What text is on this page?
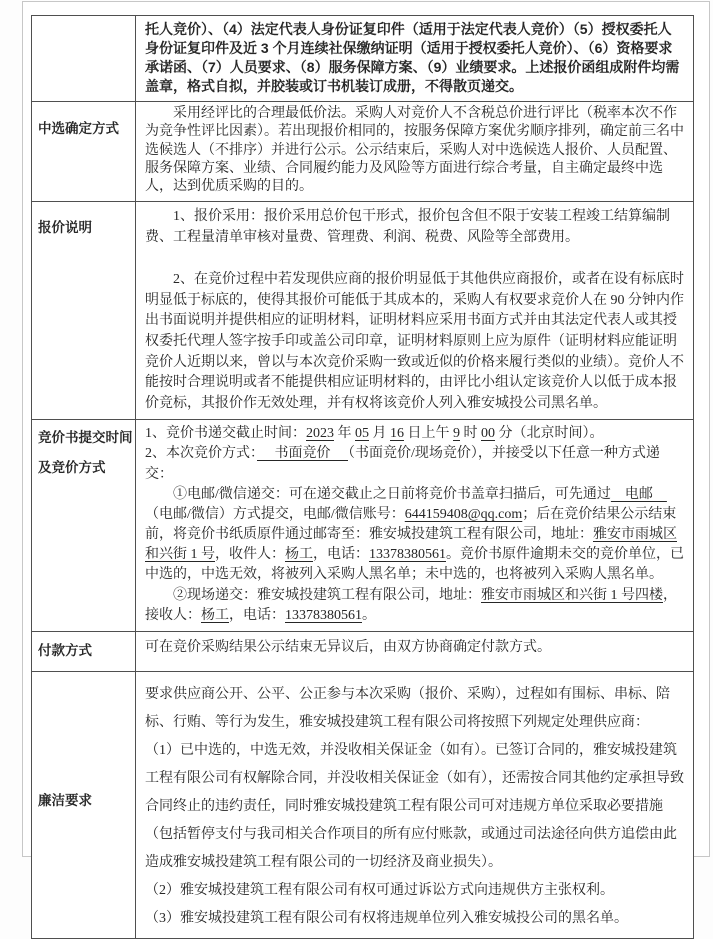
托人竞价）、（4）法定代表人身份证复印件（适用于法定代表人竞价）（5）授权委托人身份证复印件及近 3 个月连续社保缴纳证明（适用于授权委托人竞价）、（6）资格要求承诺函、（7）人员要求、（8）服务保障方案、（9）业绩要求。上述报价函组成附件均需盖章，格式自拟，并胶装或订书机装订成册，不得散页递交。
中选确定方式
采用经评比的合理最低价法。采购人对竞价人不含税总价进行评比（税率本次不作为竞争性评比因素）。若出现报价相同的，按服务保障方案优劣顺序排列，确定前三名中选候选人（不排序）并进行公示。公示结束后，采购人对中选候选人报价、人员配置、服务保障方案、业绩、合同履约能力及风险等方面进行综合考量，自主确定最终中选人，达到优质采购的目的。
报价说明
1、报价采用：报价采用总价包干形式，报价包含但不限于安装工程竣工结算编制费、工程量清单审核对量费、管理费、利润、税费、风险等全部费用。
2、在竞价过程中若发现供应商的报价明显低于其他供应商报价，或者在设有标底时明显低于标底的，使得其报价可能低于其成本的，采购人有权要求竞价人在 90 分钟内作出书面说明并提供相应的证明材料，证明材料应采用书面方式并由其法定代表人或其授权委托代理人签字按手印或盖公司印章，证明材料原则上应为原件（证明材料应能证明竞价人近期以来，曾以与本次竞价采购一致或近似的价格来履行类似的业绩）。竞价人不能按时合理说明或者不能提供相应证明材料的，由评比小组认定该竞价人以低于成本报价竞标，其报价作无效处理，并有权将该竞价人列入雅安城投公司黑名单。
竞价书提交时间
及竞价方式
1、竞价书递交截止时间：2023 年 05 月 16 日上午 9 时 00 分（北京时间）。
2、本次竞价方式：　 书面竞价 　（书面竞价/现场竞价），并接受以下任意一种方式递交：
①电邮/微信递交：可在递交截止之日前将竞价书盖章扫描后，可先通过　电邮　（电邮/微信）方式提交，电邮/微信账号：644159408@qq.com；后在竞价结果公示结束前，将竞价书纸质原件通过邮寄至：雅安城投建筑工程有限公司，地址：雅安市雨城区和兴街 1 号，收件人：杨工，电话：13378380561。竞价书原件逾期未交的竞价单位，已中选的，中选无效，将被列入采购人黑名单；未中选的，也将被列入采购人黑名单。
②现场递交：雅安城投建筑工程有限公司，地址：雅安市雨城区和兴街 1 号四楼，接收人：杨工，电话：13378380561。
付款方式	可在竞价采购结果公示结束无异议后，由双方协商确定付款方式。
廉洁要求
要求供应商公开、公平、公正参与本次采购（报价、采购），过程如有围标、串标、陪标、行贿、等行为发生，雅安城投建筑工程有限公司将按照下列规定处理供应商：
（1）已中选的，中选无效，并没收相关保证金（如有）。已签订合同的，雅安城投建筑工程有限公司有权解除合同，并没收相关保证金（如有），还需按合同其他约定承担导致合同终止的违约责任，同时雅安城投建筑工程有限公司可对违规方单位采取必要措施（包括暂停支付与我司相关合作项目的所有应付账款，或通过司法途径向供方追偿由此造成雅安城投建筑工程有限公司的一切经济及商业损失）。
（2）雅安城投建筑工程有限公司有权可通过诉讼方式向违规供方主张权利。
（3）雅安城投建筑工程有限公司有权将违规单位列入雅安城投公司的黑名单。
